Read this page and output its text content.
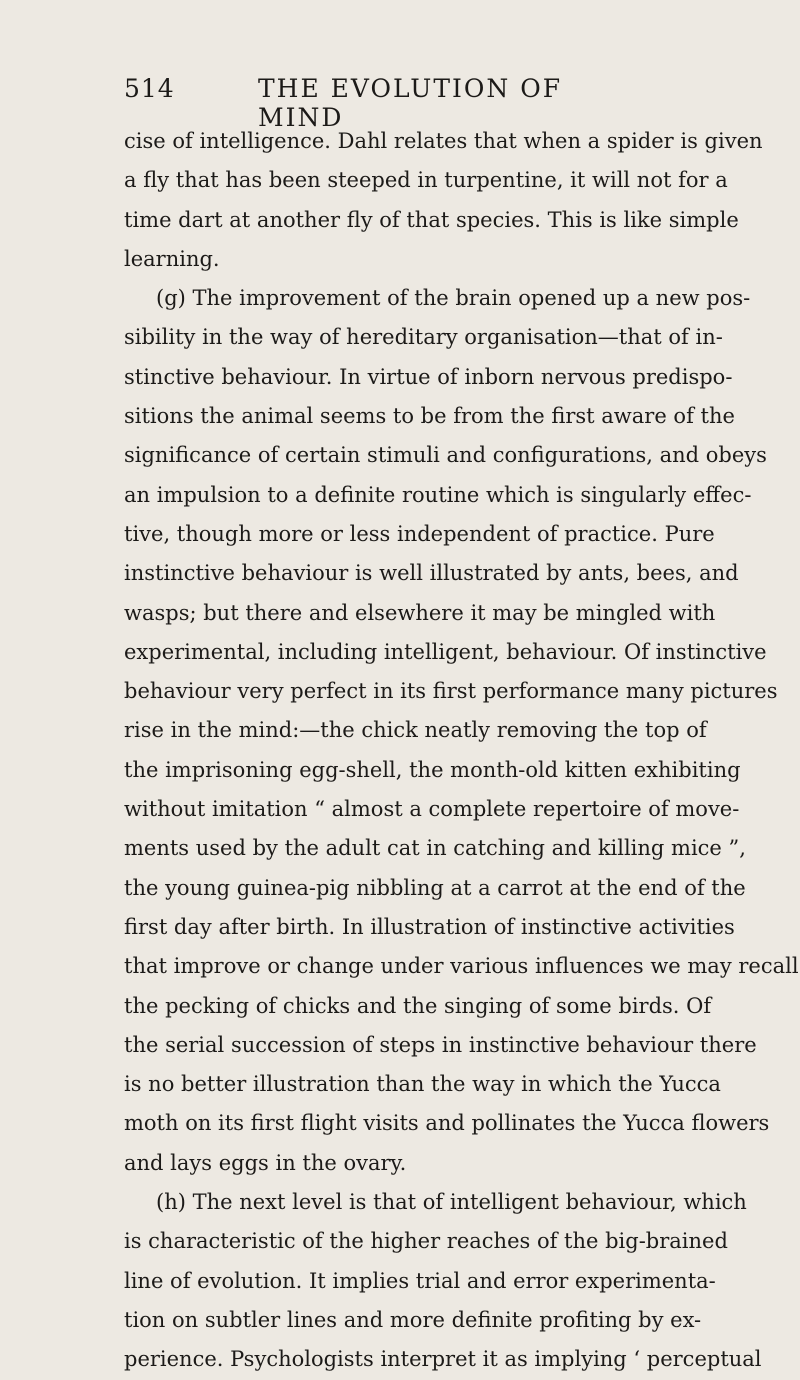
514	THE EVOLUTION OF MIND
cise of intelligence. Dahl relates that when a spider is given
a fly that has been steeped in turpentine, it will not for a
time dart at another fly of that species. This is like simple
learning.
(g) The improvement of the brain opened up a new pos-
sibility in the way of hereditary organisation—that of in-
stinctive behaviour. In virtue of inborn nervous predispo-
sitions the animal seems to be from the first aware of the
significance of certain stimuli and configurations, and obeys
an impulsion to a definite routine which is singularly effec-
tive, though more or less independent of practice. Pure
instinctive behaviour is well illustrated by ants, bees, and
wasps; but there and elsewhere it may be mingled with
experimental, including intelligent, behaviour. Of instinctive
behaviour very perfect in its first performance many pictures
rise in the mind:—the chick neatly removing the top of
the imprisoning egg-shell, the month-old kitten exhibiting
without imitation “ almost a complete repertoire of move-
ments used by the adult cat in catching and killing mice ”,
the young guinea-pig nibbling at a carrot at the end of the
first day after birth. In illustration of instinctive activities
that improve or change under various influences we may recall
the pecking of chicks and the singing of some birds. Of
the serial succession of steps in instinctive behaviour there
is no better illustration than the way in which the Yucca
moth on its first flight visits and pollinates the Yucca flowers
and lays eggs in the ovary.
(h) The next level is that of intelligent behaviour, which
is characteristic of the higher reaches of the big-brained
line of evolution. It implies trial and error experimenta-
tion on subtler lines and more definite profiting by ex-
perience. Psychologists interpret it as implying ‘ perceptual
